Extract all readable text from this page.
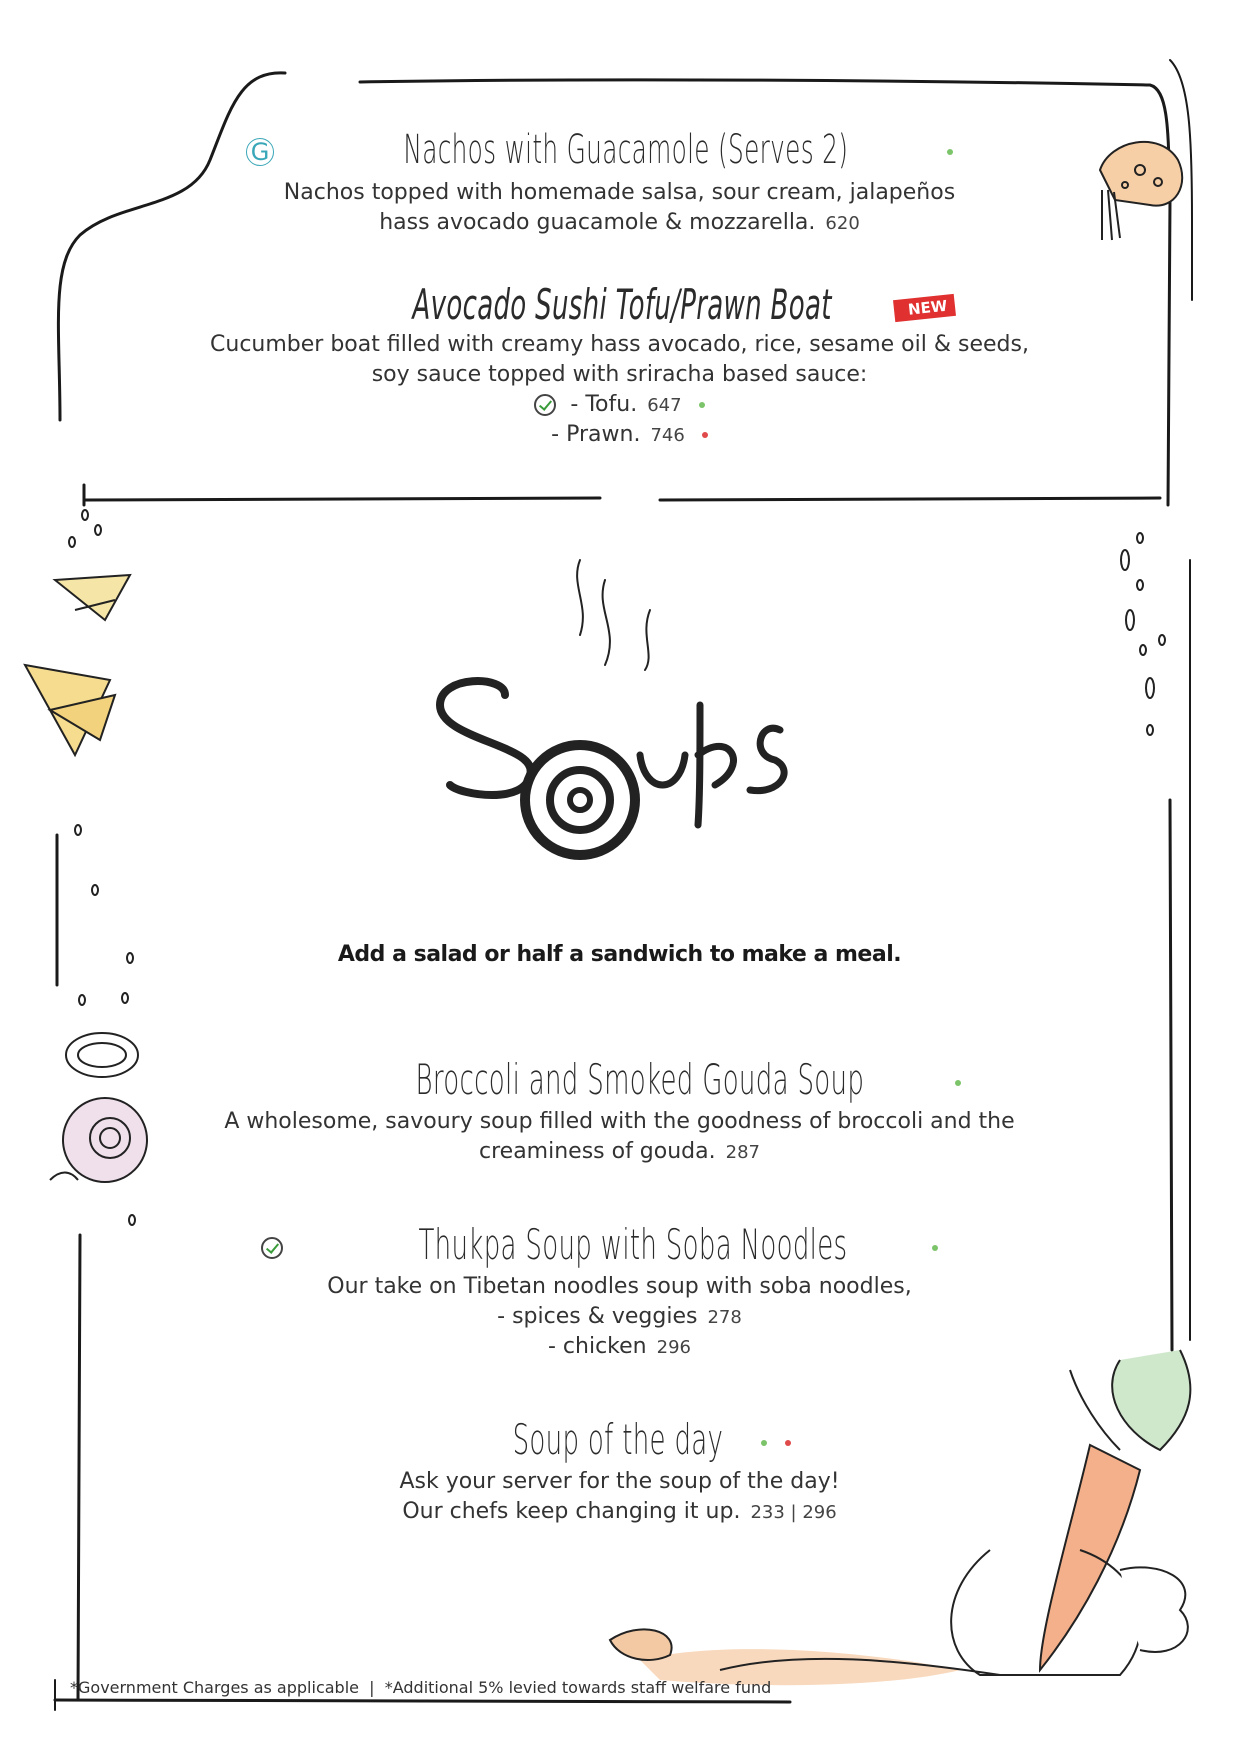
Soups
G	Nachos with Guacamole (Serves 2)
Nachos topped with homemade salsa, sour cream, jalapeños
hass avocado guacamole & mozzarella. 620
Avocado Sushi Tofu/Prawn Boat	NEW
Cucumber boat filled with creamy hass avocado, rice, sesame oil & seeds,
soy sauce topped with sriracha based sauce:
- Tofu. 647
- Prawn. 746
Add a salad or half a sandwich to make a meal.
Broccoli and Smoked Gouda Soup
A wholesome, savoury soup filled with the goodness of broccoli and the
creaminess of gouda. 287
Thukpa Soup with Soba Noodles
Our take on Tibetan noodles soup with soba noodles,
- spices & veggies 278
- chicken 296
Soup of the day
Ask your server for the soup of the day!
Our chefs keep changing it up. 233 | 296
*Government Charges as applicable  |  *Additional 5% levied towards staff welfare fund
